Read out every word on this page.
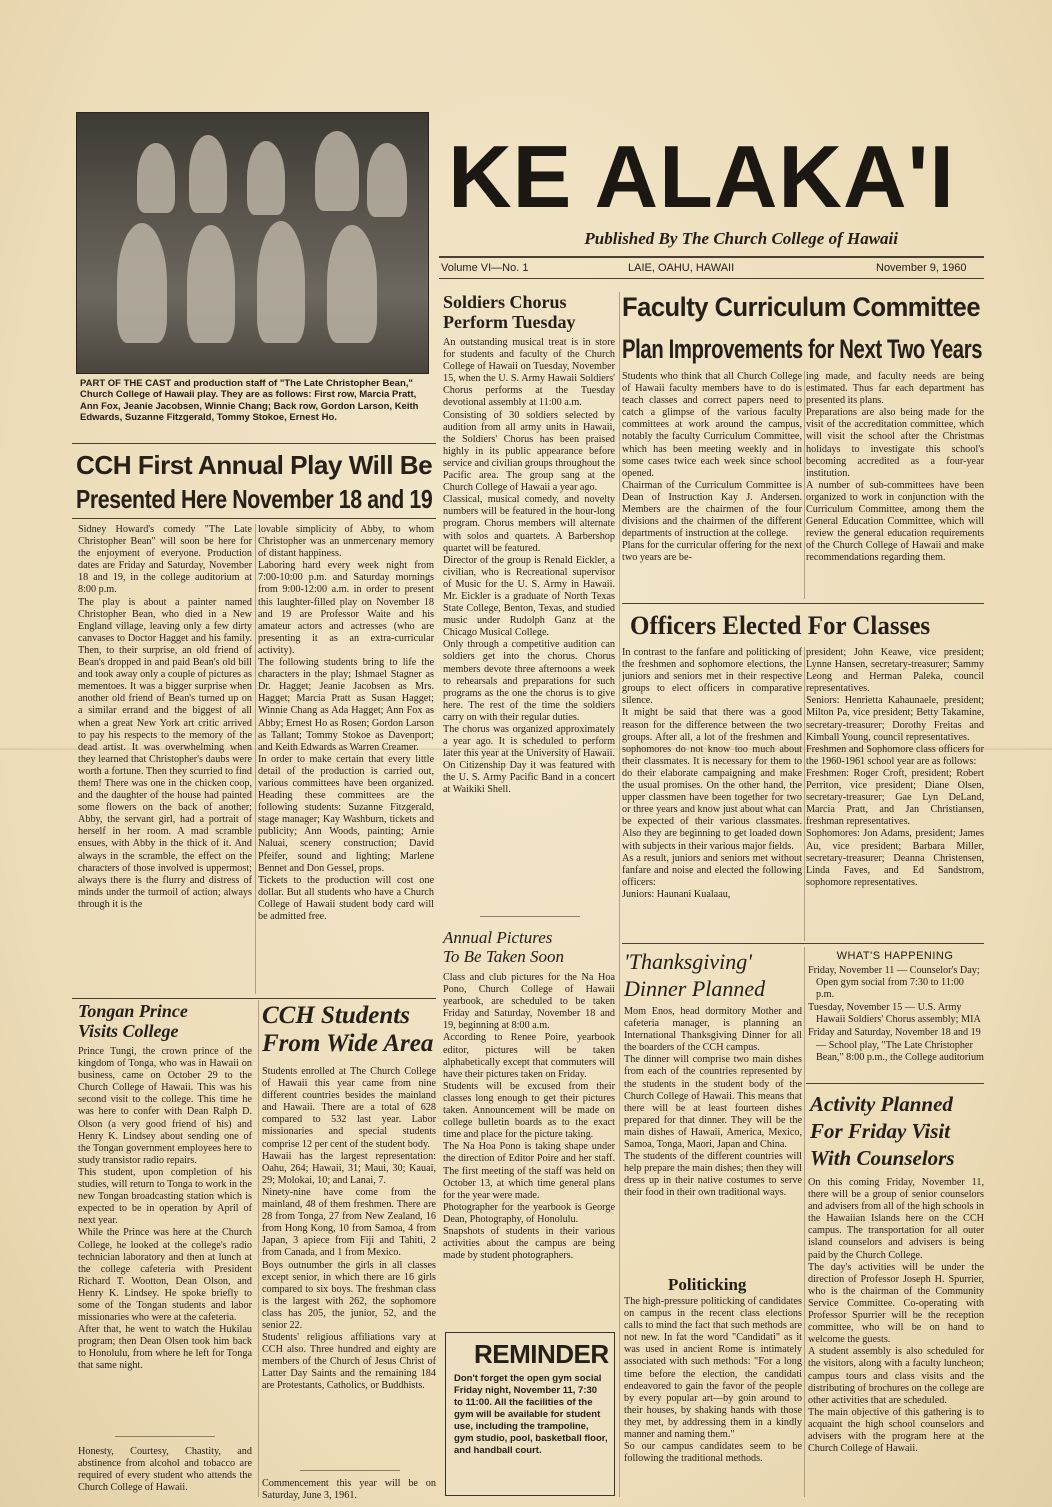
PART OF THE CAST and production staff of "The Late Christopher Bean," Church College of Hawaii play. They are as follows: First row, Marcia Pratt, Ann Fox, Jeanie Jacobsen, Winnie Chang; Back row, Gordon Larson, Keith Edwards, Suzanne Fitzgerald, Tommy Stokoe, Ernest Ho.
KE ALAKA'I
Published By The Church College of Hawaii
Volume VI—No. 1	LAIE, OAHU, HAWAII	November 9, 1960
CCH First Annual Play Will Be
Presented Here November 18 and 19
Sidney Howard's comedy "The Late Christopher Bean" will soon be here for the enjoyment of everyone. Production dates are Friday and Saturday, November 18 and 19, in the college auditorium at 8:00 p.m.
The play is about a painter named Christopher Bean, who died in a New England village, leaving only a few dirty canvases to Doctor Hagget and his family. Then, to their surprise, an old friend of Bean's dropped in and paid Bean's old bill and took away only a couple of pictures as mementoes. It was a bigger surprise when another old friend of Bean's turned up on a similar errand and the biggest of all when a great New York art critic arrived to pay his respects to the memory of the dead artist. It was overwhelming when they learned that Christopher's daubs were worth a fortune. Then they scurried to find them! There was one in the chicken coop, and the daughter of the house had painted some flowers on the back of another; Abby, the servant girl, had a portrait of herself in her room. A mad scramble ensues, with Abby in the thick of it. And always in the scramble, the effect on the characters of those involved is uppermost; always there is the flurry and distress of minds under the turmoil of action; always through it is the
lovable simplicity of Abby, to whom Christopher was an unmercenary memory of distant happiness.
Laboring hard every week night from 7:00-10:00 p.m. and Saturday mornings from 9:00-12:00 a.m. in order to present this laughter-filled play on November 18 and 19 are Professor Waite and his amateur actors and actresses (who are presenting it as an extra-curricular activity).
The following students bring to life the characters in the play; Ishmael Stagner as Dr. Hagget; Jeanie Jacobsen as Mrs. Hagget; Marcia Pratt as Susan Hagget; Winnie Chang as Ada Hagget; Ann Fox as Abby; Ernest Ho as Rosen; Gordon Larson as Tallant; Tommy Stokoe as Davenport; and Keith Edwards as Warren Creamer.
In order to make certain that every little detail of the production is carried out, various committees have been organized. Heading these committees are the following students: Suzanne Fitzgerald, stage manager; Kay Washburn, tickets and publicity; Ann Woods, painting; Arnie Naluai, scenery construction; David Pfeifer, sound and lighting; Marlene Bennet and Don Gessel, props.
Tickets to the production will cost one dollar. But all students who have a Church College of Hawaii student body card will be admitted free.
Tongan Prince
Visits College
Prince Tungi, the crown prince of the kingdom of Tonga, who was in Hawaii on business, came on October 29 to the Church College of Hawaii. This was his second visit to the college. This time he was here to confer with Dean Ralph D. Olson (a very good friend of his) and Henry K. Lindsey about sending one of the Tongan government employees here to study transistor radio repairs.
This student, upon completion of his studies, will return to Tonga to work in the new Tongan broadcasting station which is expected to be in operation by April of next year.
While the Prince was here at the Church College, he looked at the college's radio technician laboratory and then at lunch at the college cafeteria with President Richard T. Wootton, Dean Olson, and Henry K. Lindsey. He spoke briefly to some of the Tongan students and labor missionaries who were at the cafeteria.
After that, he went to watch the Hukilau program; then Dean Olsen took him back to Honolulu, from where he left for Tonga that same night.
Honesty, Courtesy, Chastity, and abstinence from alcohol and tobacco are required of every student who attends the Church College of Hawaii.
CCH Students
From Wide Area
Students enrolled at The Church College of Hawaii this year came from nine different countries besides the mainland and Hawaii. There are a total of 628 compared to 532 last year. Labor missionaries and special students comprise 12 per cent of the student body.
Hawaii has the largest representation: Oahu, 264; Hawaii, 31; Maui, 30; Kauai, 29; Molokai, 10; and Lanai, 7.
Ninety-nine have come from the mainland, 48 of them freshmen. There are 28 from Tonga, 27 from New Zealand, 16 from Hong Kong, 10 from Samoa, 4 from Japan, 3 apiece from Fiji and Tahiti, 2 from Canada, and 1 from Mexico.
Boys outnumber the girls in all classes except senior, in which there are 16 girls compared to six boys. The freshman class is the largest with 262, the sophomore class has 205, the junior, 52, and the senior 22.
Students' religious affiliations vary at CCH also. Three hundred and eighty are members of the Church of Jesus Christ of Latter Day Saints and the remaining 184 are Protestants, Catholics, or Buddhists.
Commencement this year will be on Saturday, June 3, 1961.
Soldiers Chorus
Perform Tuesday
An outstanding musical treat is in store for students and faculty of the Church College of Hawaii on Tuesday, November 15, when the U. S. Army Hawaii Soldiers' Chorus performs at the Tuesday devotional assembly at 11:00 a.m.
Consisting of 30 soldiers selected by audition from all army units in Hawaii, the Soldiers' Chorus has been praised highly in its public appearance before service and civilian groups throughout the Pacific area. The group sang at the Church College of Hawaii a year ago.
Classical, musical comedy, and novelty numbers will be featured in the hour-long program. Chorus members will alternate with solos and quartets. A Barbershop quartet will be featured.
Director of the group is Renald Eickler, a civilian, who is Recreational supervisor of Music for the U. S. Army in Hawaii. Mr. Eickler is a graduate of North Texas State College, Benton, Texas, and studied music under Rudolph Ganz at the Chicago Musical College.
Only through a competitive audition can soldiers get into the chorus. Chorus members devote three afternoons a week to rehearsals and preparations for such programs as the one the chorus is to give here. The rest of the time the soldiers carry on with their regular duties.
The chorus was organized approximately a year ago. It is scheduled to perform later this year at the University of Hawaii. On Citizenship Day it was featured with the U. S. Army Pacific Band in a concert at Waikiki Shell.
Annual Pictures
To Be Taken Soon
Class and club pictures for the Na Hoa Pono, Church College of Hawaii yearbook, are scheduled to be taken Friday and Saturday, November 18 and 19, beginning at 8:00 a.m.
According to Renee Poire, yearbook editor, pictures will be taken alphabetically except that commuters will have their pictures taken on Friday.
Students will be excused from their classes long enough to get their pictures taken. Announcement will be made on college bulletin boards as to the exact time and place for the picture taking.
The Na Hoa Pono is taking shape under the direction of Editor Poire and her staff. The first meeting of the staff was held on October 13, at which time general plans for the year were made.
Photographer for the yearbook is George Dean, Photography, of Honolulu.
Snapshots of students in their various activities about the campus are being made by student photographers.
REMINDER
Don't forget the open gym social Friday night, November 11, 7:30 to 11:00. All the facilities of the gym will be available for student use, including the trampoline, gym studio, pool, basketball floor, and handball court.
Faculty Curriculum Committee
Plan Improvements for Next Two Years
Students who think that all Church College of Hawaii faculty members have to do is teach classes and correct papers need to catch a glimpse of the various faculty committees at work around the campus, notably the faculty Curriculum Committee, which has been meeting weekly and in some cases twice each week since school opened.
Chairman of the Curriculum Committee is Dean of Instruction Kay J. Andersen. Members are the chairmen of the four divisions and the chairmen of the different departments of instruction at the college.
Plans for the curricular offering for the next two years are be-
ing made, and faculty needs are being estimated. Thus far each department has presented its plans.
Preparations are also being made for the visit of the accreditation committee, which will visit the school after the Christmas holidays to investigate this school's becoming accredited as a four-year institution.
A number of sub-committees have been organized to work in conjunction with the Curriculum Committee, among them the General Education Committee, which will review the general education requirements of the Church College of Hawaii and make recommendations regarding them.
Officers Elected For Classes
In contrast to the fanfare and politicking of the freshmen and sophomore elections, the juniors and seniors met in their respective groups to elect officers in comparative silence.
It might be said that there was a good reason for the difference between the two groups. After all, a lot of the freshmen and sophomores do not know too much about their classmates. It is necessary for them to do their elaborate campaigning and make the usual promises. On the other hand, the upper classmen have been together for two or three years and know just about what can be expected of their various classmates. Also they are beginning to get loaded down with subjects in their various major fields.
As a result, juniors and seniors met without fanfare and noise and elected the following officers:
Juniors: Haunani Kualaau,
president; John Keawe, vice president; Lynne Hansen, secretary-treasurer; Sammy Leong and Herman Paleka, council representatives.
Seniors: Henrietta Kahaunaele, president; Milton Pa, vice president; Betty Takamine, secretary-treasurer; Dorothy Freitas and Kimball Young, council representatives.
Freshmen and Sophomore class officers for the 1960-1961 school year are as follows:
Freshmen: Roger Croft, president; Robert Perriton, vice president; Diane Olsen, secretary-treasurer; Gae Lyn DeLand, Marcia Pratt, and Jan Christiansen, freshman representatives.
Sophomores: Jon Adams, president; James Au, vice president; Barbara Miller, secretary-treasurer; Deanna Christensen, Linda Faves, and Ed Sandstrom, sophomore representatives.
'Thanksgiving'
Dinner Planned
Mom Enos, head dormitory Mother and cafeteria manager, is planning an International Thanksgiving Dinner for all the boarders of the CCH campus.
The dinner will comprise two main dishes from each of the countries represented by the students in the student body of the Church College of Hawaii. This means that there will be at least fourteen dishes prepared for that dinner. They will be the main dishes of Hawaii, America, Mexico, Samoa, Tonga, Maori, Japan and China.
The students of the different countries will help prepare the main dishes; then they will dress up in their native costumes to serve their food in their own traditional ways.
Politicking
The high-pressure politicking of candidates on campus in the recent class elections calls to mind the fact that such methods are not new. In fat the word "Candidati" as it was used in ancient Rome is intimately associated with such methods: "For a long time before the election, the candidati endeavored to gain the favor of the people by every popular art—by goin around to their houses, by shaking hands with those they met, by addressing them in a kindly manner and naming them."
So our campus candidates seem to be following the traditional methods.
WHAT'S HAPPENING
Friday, November 11 — Counselor's Day; Open gym social from 7:30 to 11:00 p.m.
Tuesday, November 15 — U.S. Army Hawaii Soldiers' Chorus assembly; MIA
Friday and Saturday, November 18 and 19 — School play, "The Late Christopher Bean," 8:00 p.m., the College auditorium
Activity Planned
For Friday Visit
With Counselors
On this coming Friday, November 11, there will be a group of senior counselors and advisers from all of the high schools in the Hawaiian Islands here on the CCH campus. The transportation for all outer island counselors and advisers is being paid by the Church College.
The day's activities will be under the direction of Professor Joseph H. Spurrier, who is the chairman of the Community Service Committee. Co-operating with Professor Spurrier will be the reception committee, who will be on hand to welcome the guests.
A student assembly is also scheduled for the visitors, along with a faculty luncheon; campus tours and class visits and the distributing of brochures on the college are other activities that are scheduled.
The main objective of this gathering is to acquaint the high school counselors and advisers with the program here at the Church College of Hawaii.
